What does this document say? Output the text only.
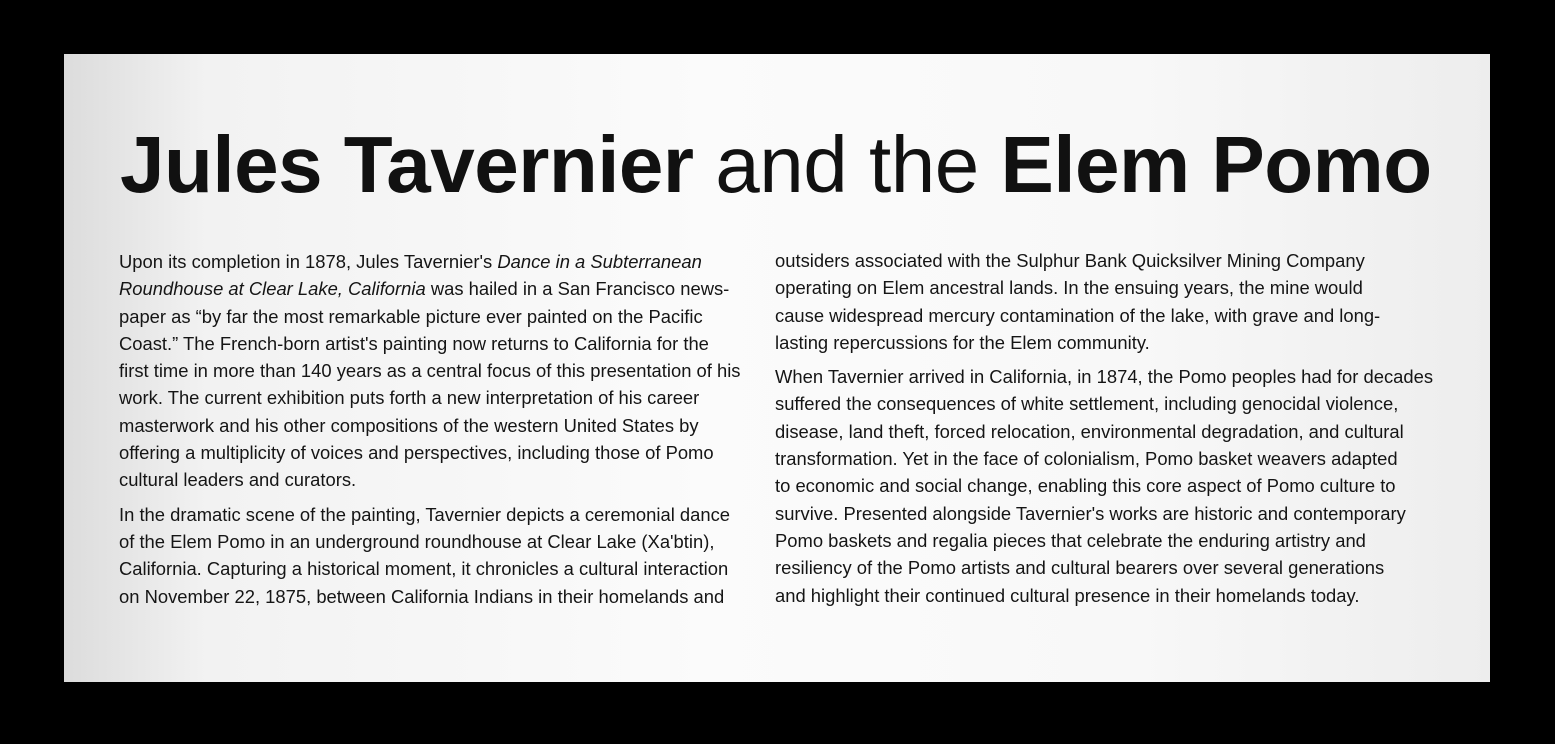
Jules Tavernier and the Elem Pomo

Upon its completion in 1878, Jules Tavernier's Dance in a Subterranean
Roundhouse at Clear Lake, California was hailed in a San Francisco news-
paper as “by far the most remarkable picture ever painted on the Pacific
Coast.” The French-born artist's painting now returns to California for the
first time in more than 140 years as a central focus of this presentation of his
work. The current exhibition puts forth a new interpretation of his career
masterwork and his other compositions of the western United States by
offering a multiplicity of voices and perspectives, including those of Pomo
cultural leaders and curators.

In the dramatic scene of the painting, Tavernier depicts a ceremonial dance
of the Elem Pomo in an underground roundhouse at Clear Lake (Xa'btin),
California. Capturing a historical moment, it chronicles a cultural interaction
on November 22, 1875, between California Indians in their homelands and

outsiders associated with the Sulphur Bank Quicksilver Mining Company
operating on Elem ancestral lands. In the ensuing years, the mine would
cause widespread mercury contamination of the lake, with grave and long-
lasting repercussions for the Elem community.

When Tavernier arrived in California, in 1874, the Pomo peoples had for decades
suffered the consequences of white settlement, including genocidal violence,
disease, land theft, forced relocation, environmental degradation, and cultural
transformation. Yet in the face of colonialism, Pomo basket weavers adapted
to economic and social change, enabling this core aspect of Pomo culture to
survive. Presented alongside Tavernier's works are historic and contemporary
Pomo baskets and regalia pieces that celebrate the enduring artistry and
resiliency of the Pomo artists and cultural bearers over several generations
and highlight their continued cultural presence in their homelands today.
